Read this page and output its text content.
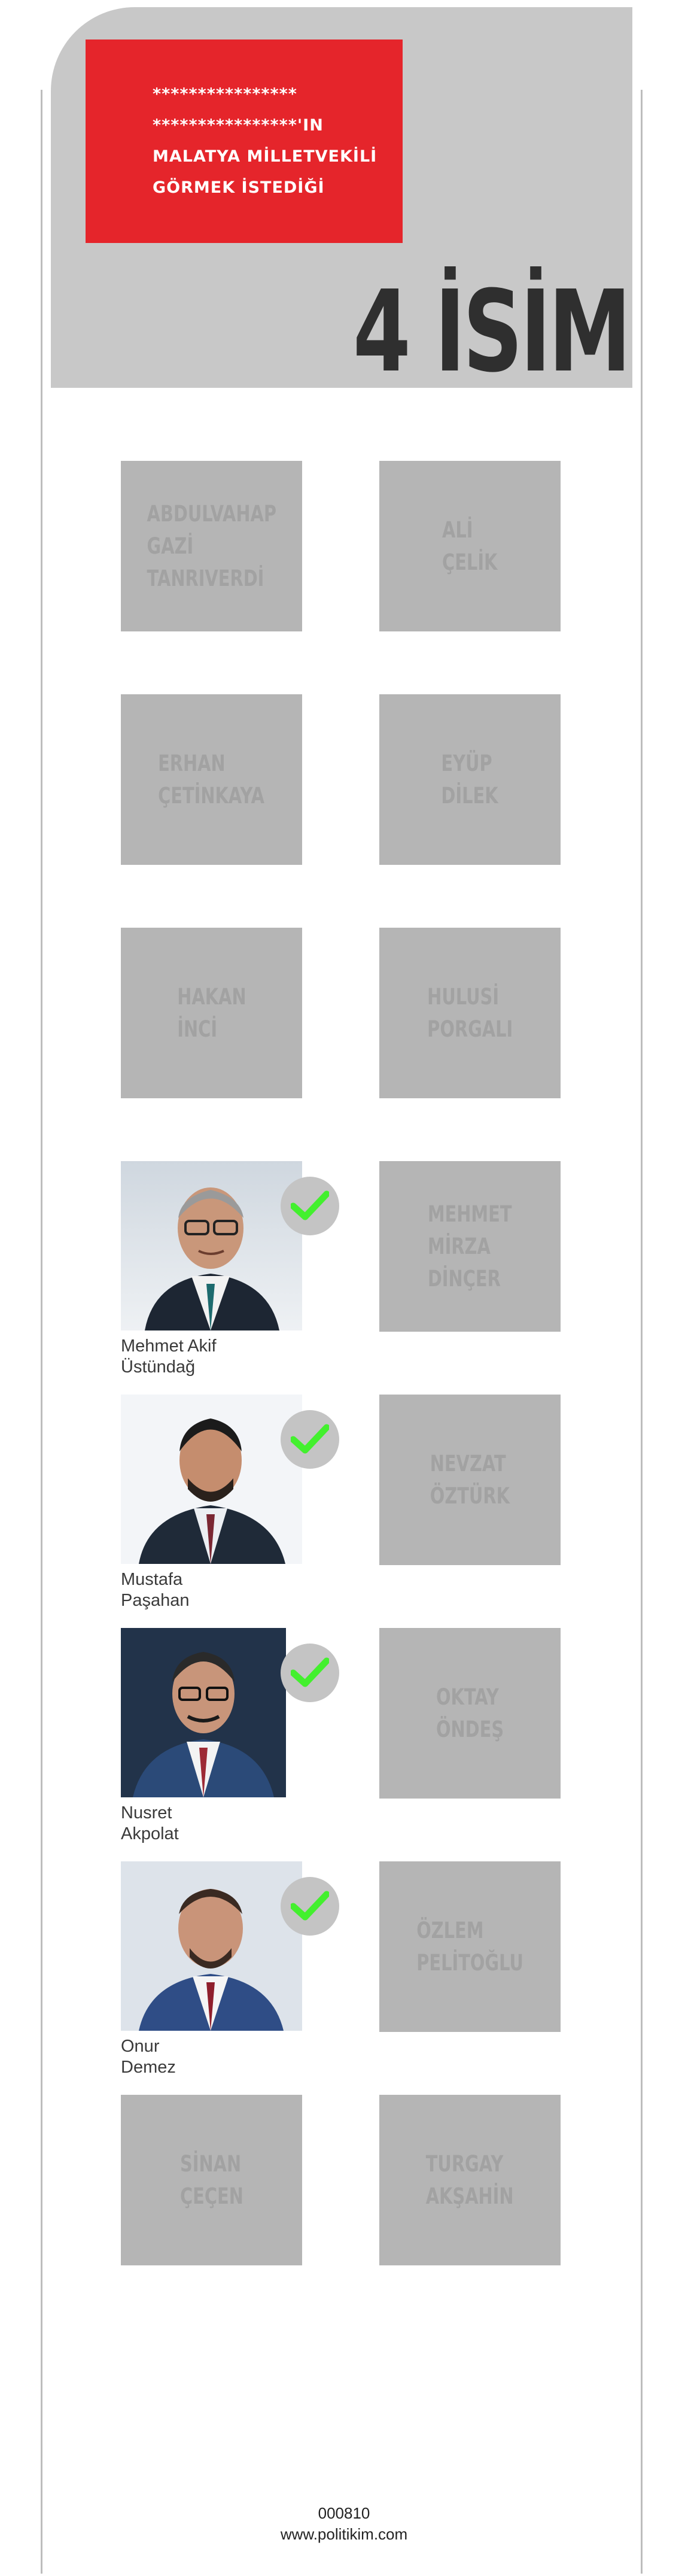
****************
****************'IN
MALATYA MİLLETVEKİLİ
GÖRMEK İSTEDİĞİ
4 İSİM
ABDULVAHAP
GAZİ
TANRIVERDİ
ALİ
ÇELİK
ERHAN
ÇETİNKAYA
EYÜP
DİLEK
HAKAN
İNCİ
HULUSİ
PORGALI
Mehmet Akif
Üstündağ
MEHMET
MİRZA
DİNÇER
Mustafa
Paşahan
NEVZAT
ÖZTÜRK
Nusret
Akpolat
OKTAY
ÖNDEŞ
Onur
Demez
ÖZLEM
PELİTOĞLU
SİNAN
ÇEÇEN
TURGAY
AKŞAHİN
000810
www.politikim.com
